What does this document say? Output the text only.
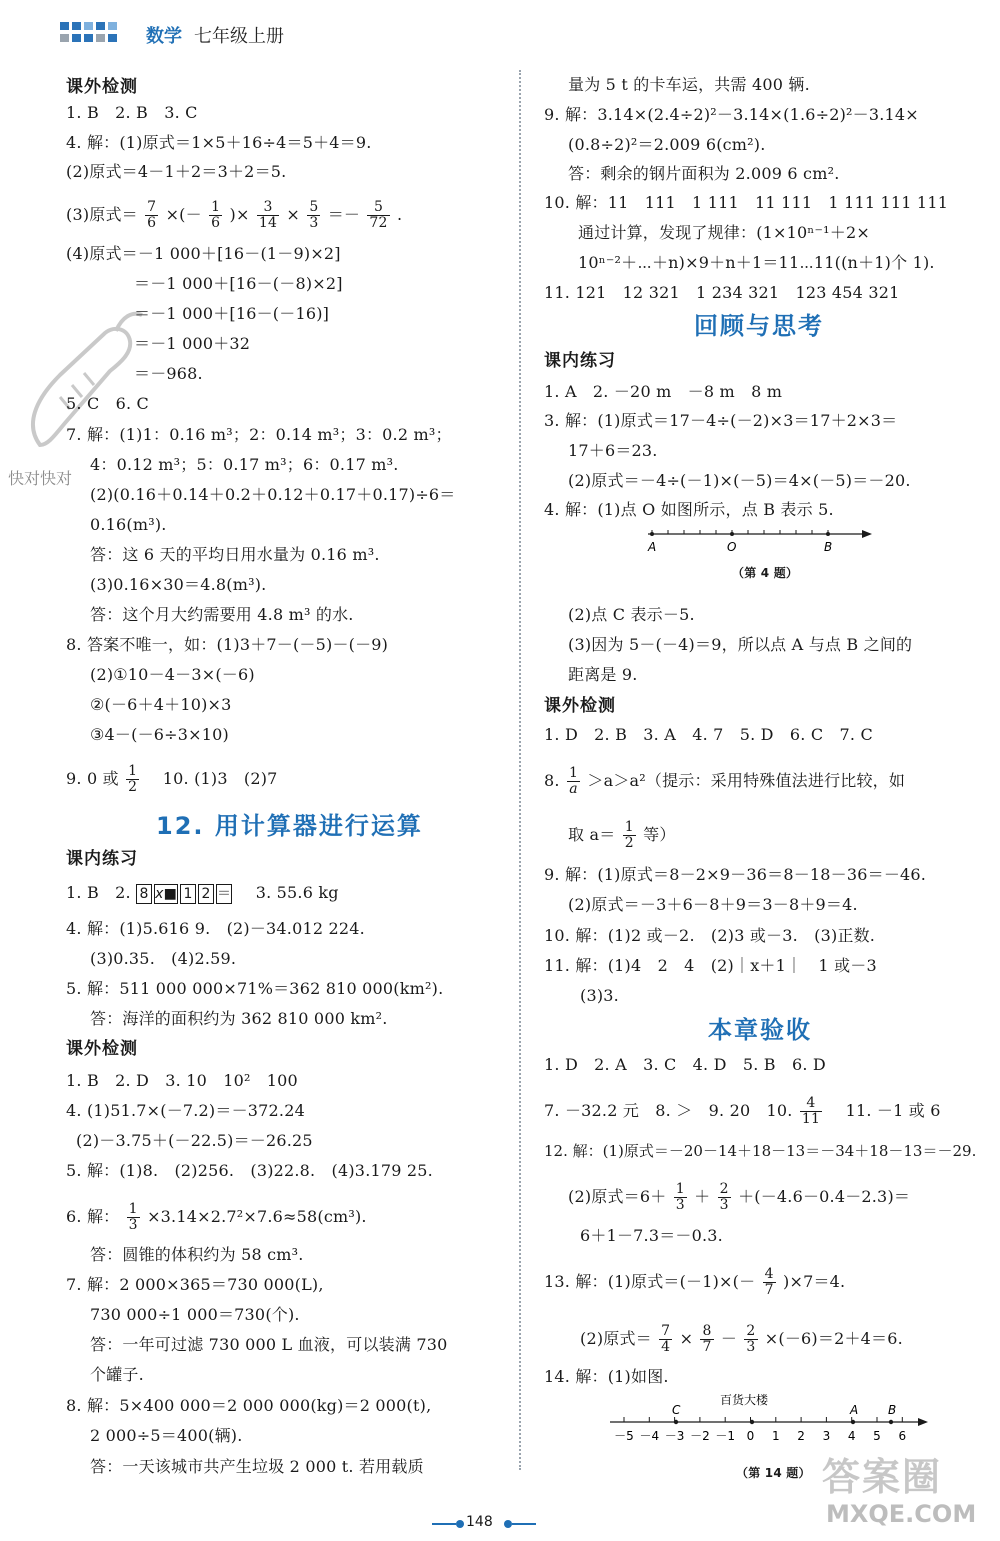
数学 七年级上册
快对快对
课外检测
1. B　2. B　3. C
4. 解：(1)原式＝1×5＋16÷4＝5＋4＝9.
(2)原式＝4－1＋2＝3＋2＝5.
(3)原式＝ $\frac{7}{6}$ ×(－ $\frac{1}{6}$ )× $\frac{3}{14} \times \frac{5}{3} =- \frac{5}{72}$ .
(4)原式＝－1 000＋[16－(1－9)×2]
＝－1 000＋[16－(－8)×2]
＝－1 000＋[16－(－16)]
＝－1 000＋32
＝－968.
5. C　6. C
7. 解：(1)1：0.16 m³；2：0.14 m³；3：0.2 m³；
4：0.12 m³；5：0.17 m³；6：0.17 m³.
(2)(0.16＋0.14＋0.2＋0.12＋0.17＋0.17)÷6＝
0.16(m³).
答：这 6 天的平均日用水量为 0.16 m³.
(3)0.16×30＝4.8(m³).
答：这个月大约需要用 4.8 m³ 的水.
8. 答案不唯一，如：(1)3＋7－(－5)－(－9)
(2)①10－4－3×(－6)
②(－6＋4＋10)×3
③4－(－6÷3×10)
9. 0 或 $\frac{1}{2}$ 　10. (1)3　(2)7
12. 用计算器进行运算
课内练习
1. B　2. 8 x■ 1 2 ＝ 　3. 55.6 kg
4. 解：(1)5.616 9.　(2)－34.012 224.
(3)0.35.　(4)2.59.
5. 解：511 000 000×71%＝362 810 000(km²).
答：海洋的面积约为 362 810 000 km².
课外检测
1. B　2. D　3. 10　10²　100
4. (1)51.7×(－7.2)＝－372.24
(2)－3.75＋(－22.5)＝－26.25
5. 解：(1)8.　(2)256.　(3)22.8.　(4)3.179 25.
6. 解： $\frac{1}{3} \times 3.14\times 2.7^2\times 7.6\approx 58(cm^3)$.
答：圆锥的体积约为 58 cm³.
7. 解：2 000×365＝730 000(L),
730 000÷1 000＝730(个).
答：一年可过滤 730 000 L 血液，可以装满 730
个罐子.
8. 解：5×400 000＝2 000 000(kg)＝2 000(t),
2 000÷5＝400(辆).
答：一天该城市共产生垃圾 2 000 t. 若用载质
量为 5 t 的卡车运，共需 400 辆.
9. 解：3.14×(2.4÷2)²－3.14×(1.6÷2)²－3.14×
(0.8÷2)²＝2.009 6(cm²).
答：剩余的钢片面积为 2.009 6 cm².
10. 解：11　111　1 111　11 111　1 111 111 111
通过计算，发现了规律：(1×10ⁿ⁻¹＋2×
10ⁿ⁻²＋⋯＋n)×9＋n＋1＝11⋯11((n＋1)个 1).
11. 121　12 321　1 234 321　123 454 321
回顾与思考
课内练习
1. A　2. －20 m　－8 m　8 m
3. 解：(1)原式＝17－4÷(－2)×3＝17＋2×3＝
17＋6＝23.
(2)原式＝－4÷(－1)×(－5)＝4×(－5)＝－20.
4. 解：(1)点 O 如图所示，点 B 表示 5.
A	O	B
（第 4 题）
(2)点 C 表示－5.
(3)因为 5－(－4)＝9，所以点 A 与点 B 之间的
距离是 9.
课外检测
1. D　2. B　3. A　4. 7　5. D　6. C　7. C
8. $\frac{1}{a} >a>a^2$（提示：采用特殊值法进行比较，如
取 $a= \frac{1}{2}$ 等）
9. 解：(1)原式＝8－2×9－36＝8－18－36＝－46.
(2)原式＝－3＋6－8＋9＝3－8＋9＝4.
10. 解：(1)2 或－2.　(2)3 或－3.　(3)正数.
11. 解：(1)4　2　4　(2)｜x＋1｜　1 或－3
(3)3.
本章验收
1. D　2. A　3. C　4. D　5. B　6. D
7. －32.2 元　8. ＞　9. 20　10. $\frac{4}{11}$ 　11. －1 或 6
12. 解：(1)原式＝－20－14＋18－13＝－34＋18－13＝－29.
(2)原式$=6+ \frac{1}{3} + \frac{2}{3} +(-4.6-0.4-2.3)=$
6＋1－7.3＝－0.3.
13. 解：(1)原式$=(-1)\times(- \frac{4}{7} )\times 7=4$.
(2)原式＝ $\frac{7}{4} \times \frac{8}{7} - \frac{2}{3} \times(-6)=2+4=6$.
14. 解：(1)如图.
百货大楼
C	A B
－5 －4 －3 －2 －1 0 1 2 3 4 5 6
（第 14 题）
148
答案圈
MXQE.COM
